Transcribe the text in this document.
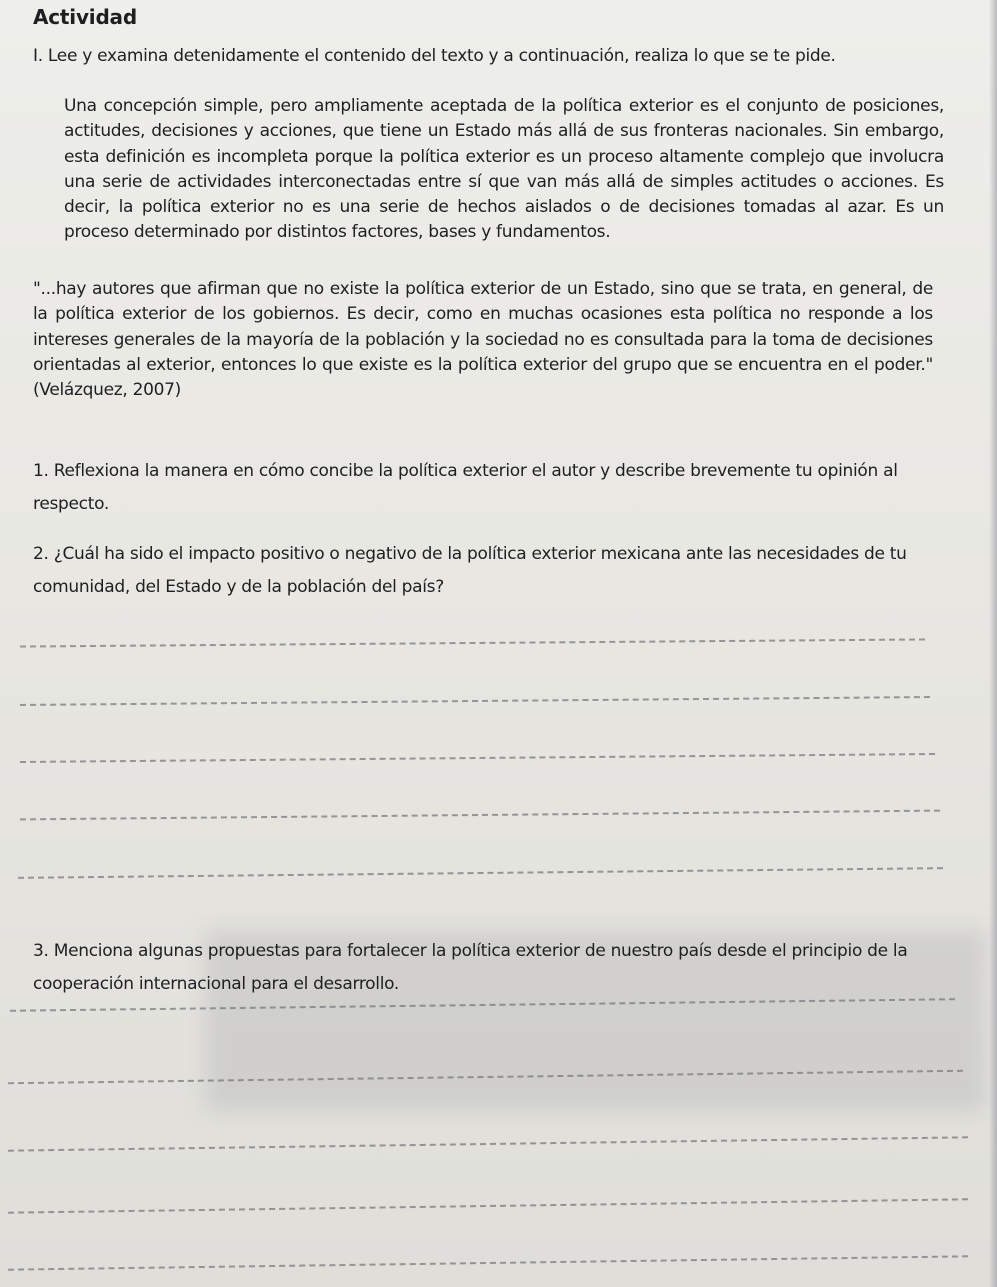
Actividad
I. Lee y examina detenidamente el contenido del texto y a continuación, realiza lo que se te pide.
Una concepción simple, pero ampliamente aceptada de la política exterior es el conjunto de posiciones, actitudes, decisiones y acciones, que tiene un Estado más allá de sus fronteras nacionales. Sin embargo, esta definición es incompleta porque la política exterior es un proceso altamente complejo que involucra una serie de actividades interconectadas entre sí que van más allá de simples actitudes o acciones. Es decir, la política exterior no es una serie de hechos aislados o de decisiones tomadas al azar. Es un proceso determinado por distintos factores, bases y fundamentos.
"...hay autores que afirman que no existe la política exterior de un Estado, sino que se trata, en general, de la política exterior de los gobiernos. Es decir, como en muchas ocasiones esta política no responde a los intereses generales de la mayoría de la población y la sociedad no es consultada para la toma de decisiones orientadas al exterior, entonces lo que existe es la política exterior del grupo que se encuentra en el poder." (Velázquez, 2007)
1. Reflexiona la manera en cómo concibe la política exterior el autor y describe brevemente tu opinión al respecto.
2. ¿Cuál ha sido el impacto positivo o negativo de la política exterior mexicana ante las necesidades de tu comunidad, del Estado y de la población del país?
3. Menciona algunas propuestas para fortalecer la política exterior de nuestro país desde el principio de la cooperación internacional para el desarrollo.
